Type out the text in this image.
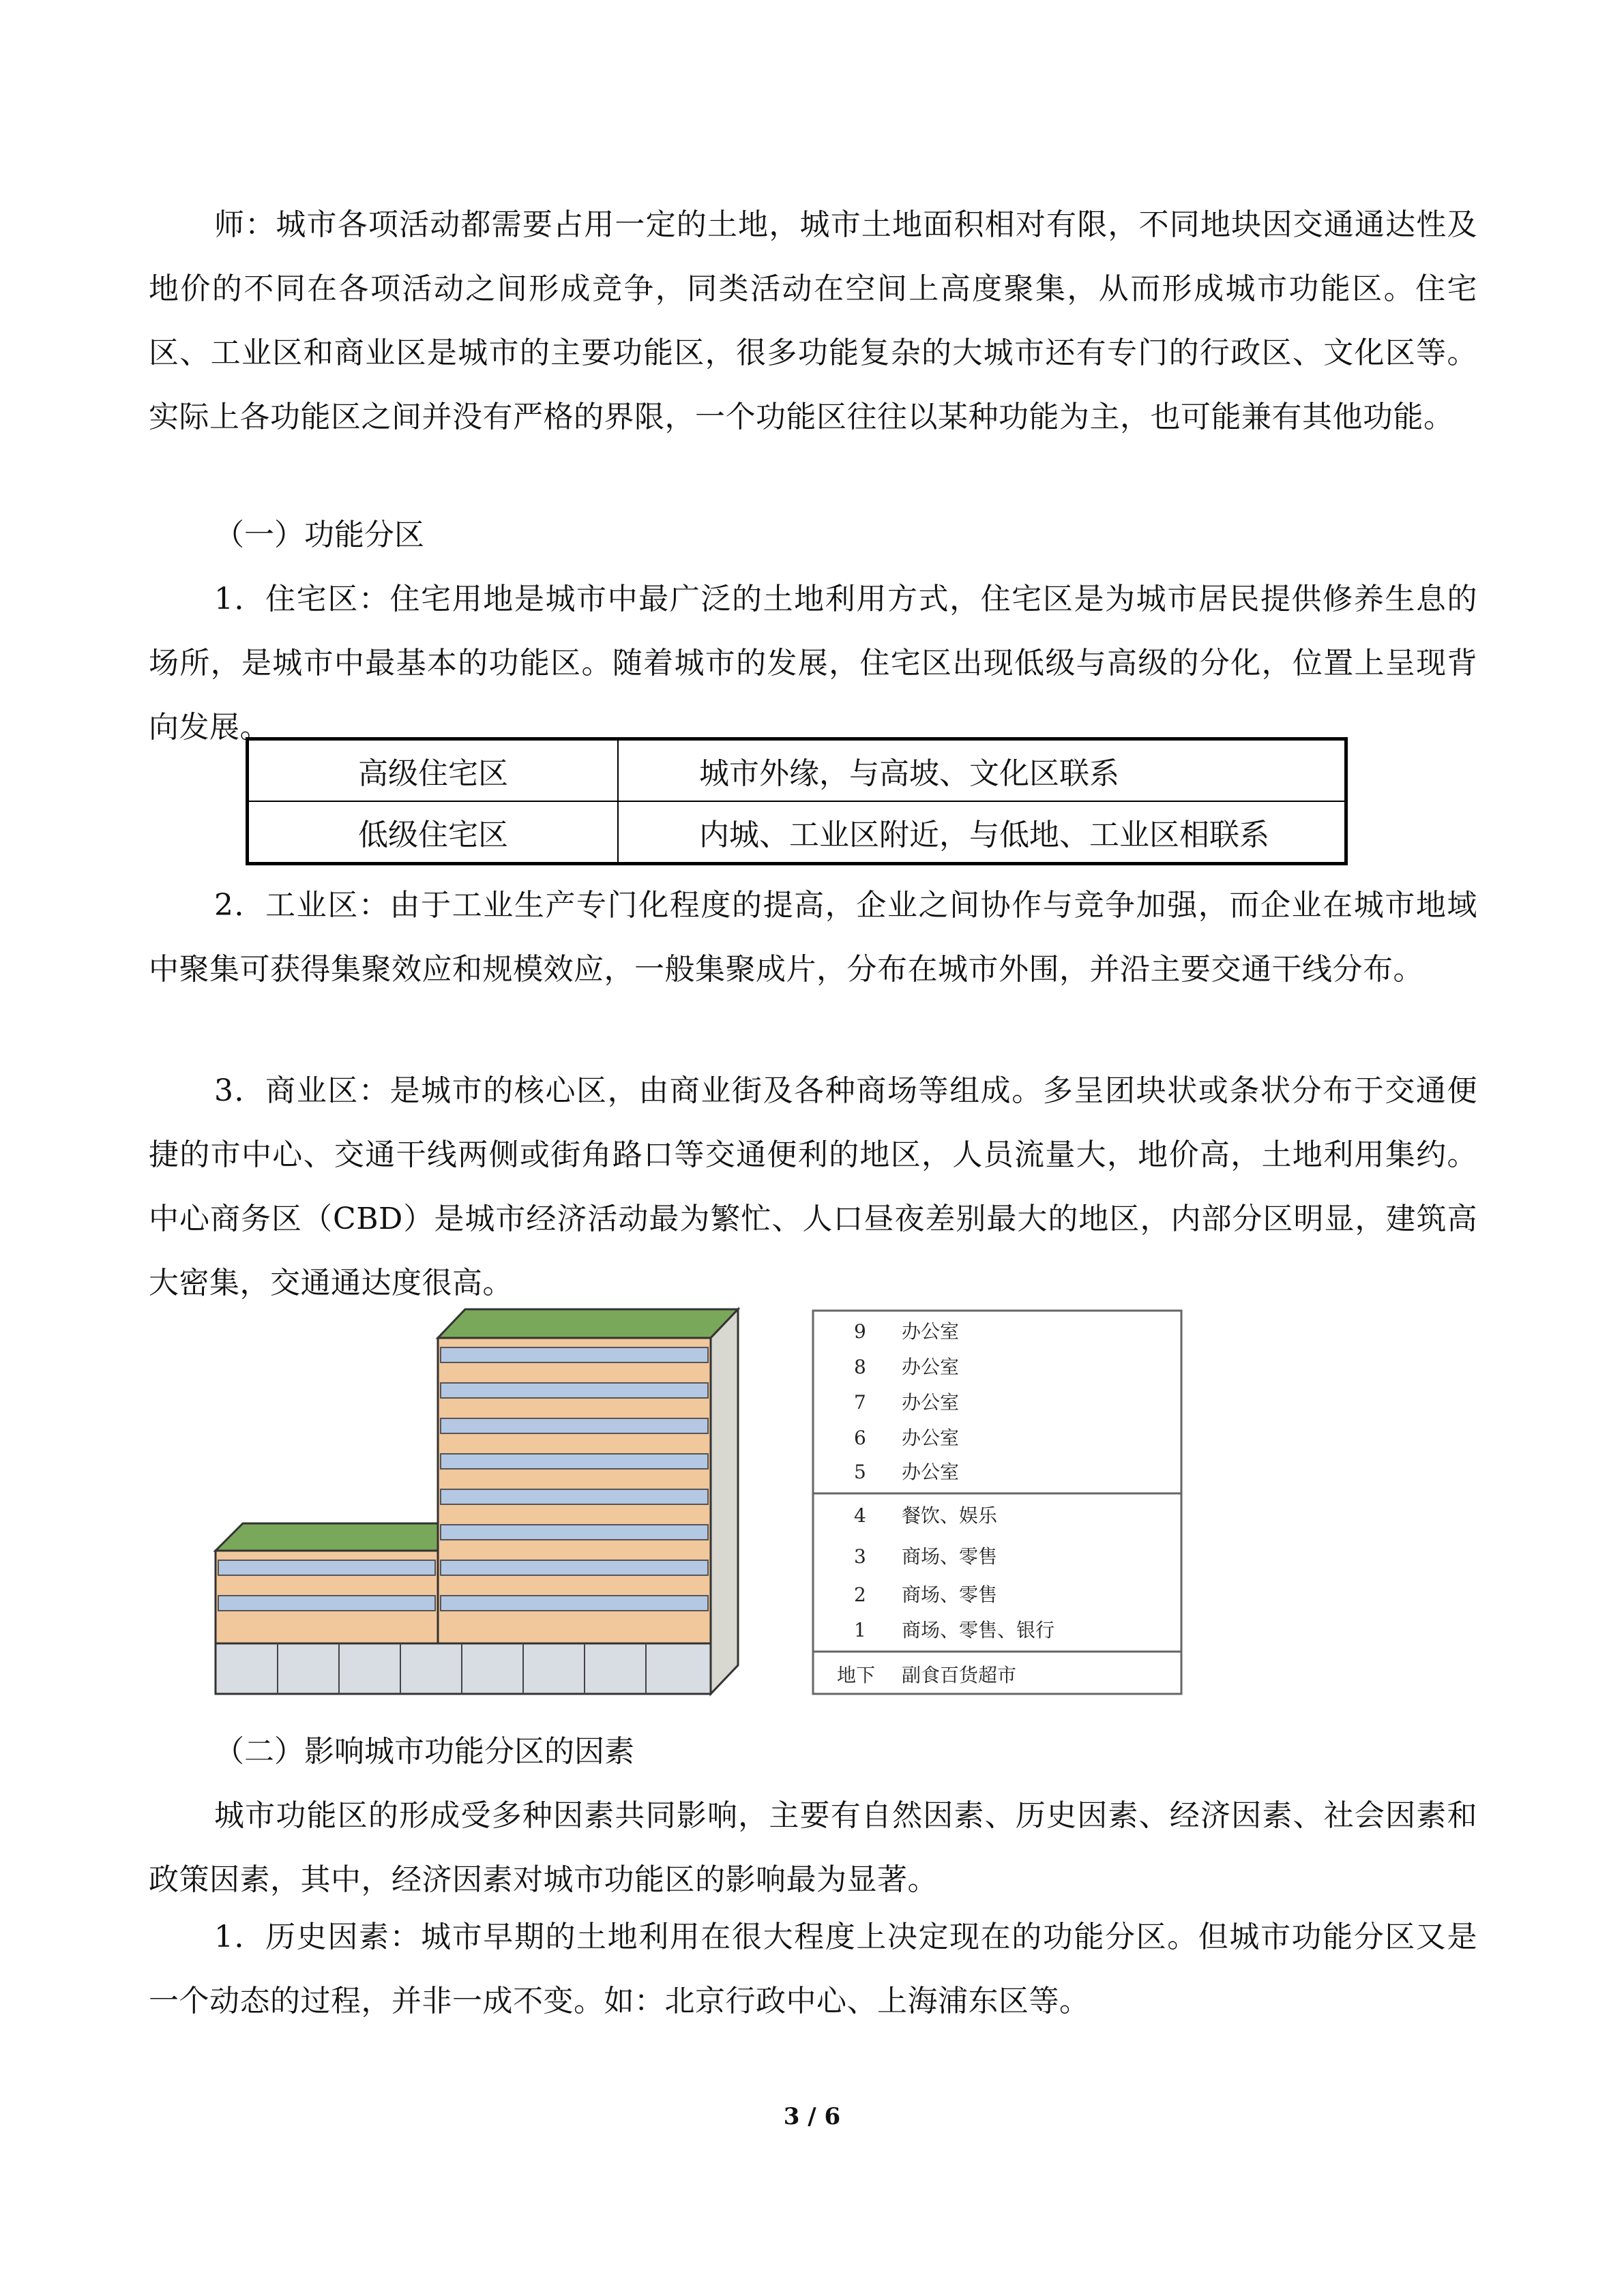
师：城市各项活动都需要占用一定的土地，城市土地面积相对有限，不同地块因交通通达性及地价的不同在各项活动之间形成竞争，同类活动在空间上高度聚集，从而形成城市功能区。住宅区、工业区和商业区是城市的主要功能区，很多功能复杂的大城市还有专门的行政区、文化区等。实际上各功能区之间并没有严格的界限，一个功能区往往以某种功能为主，也可能兼有其他功能。

（一）功能分区

1．住宅区：住宅用地是城市中最广泛的土地利用方式，住宅区是为城市居民提供修养生息的场所，是城市中最基本的功能区。随着城市的发展，住宅区出现低级与高级的分化，位置上呈现背向发展。

高级住宅区	城市外缘，与高坡、文化区联系
低级住宅区	内城、工业区附近，与低地、工业区相联系

2．工业区：由于工业生产专门化程度的提高，企业之间协作与竞争加强，而企业在城市地域中聚集可获得集聚效应和规模效应，一般集聚成片，分布在城市外围，并沿主要交通干线分布。

3．商业区：是城市的核心区，由商业街及各种商场等组成。多呈团块状或条状分布于交通便捷的市中心、交通干线两侧或街角路口等交通便利的地区，人员流量大，地价高，土地利用集约。中心商务区（CBD）是城市经济活动最为繁忙、人口昼夜差别最大的地区，内部分区明显，建筑高大密集，交通通达度很高。

9 办公室
8 办公室
7 办公室
6 办公室
5 办公室
4 餐饮、娱乐
3 商场、零售
2 商场、零售
1 商场、零售、银行
地下 副食百货超市

（二）影响城市功能分区的因素

城市功能区的形成受多种因素共同影响，主要有自然因素、历史因素、经济因素、社会因素和政策因素，其中，经济因素对城市功能区的影响最为显著。

1．历史因素：城市早期的土地利用在很大程度上决定现在的功能分区。但城市功能分区又是一个动态的过程，并非一成不变。如：北京行政中心、上海浦东区等。

3 / 6
